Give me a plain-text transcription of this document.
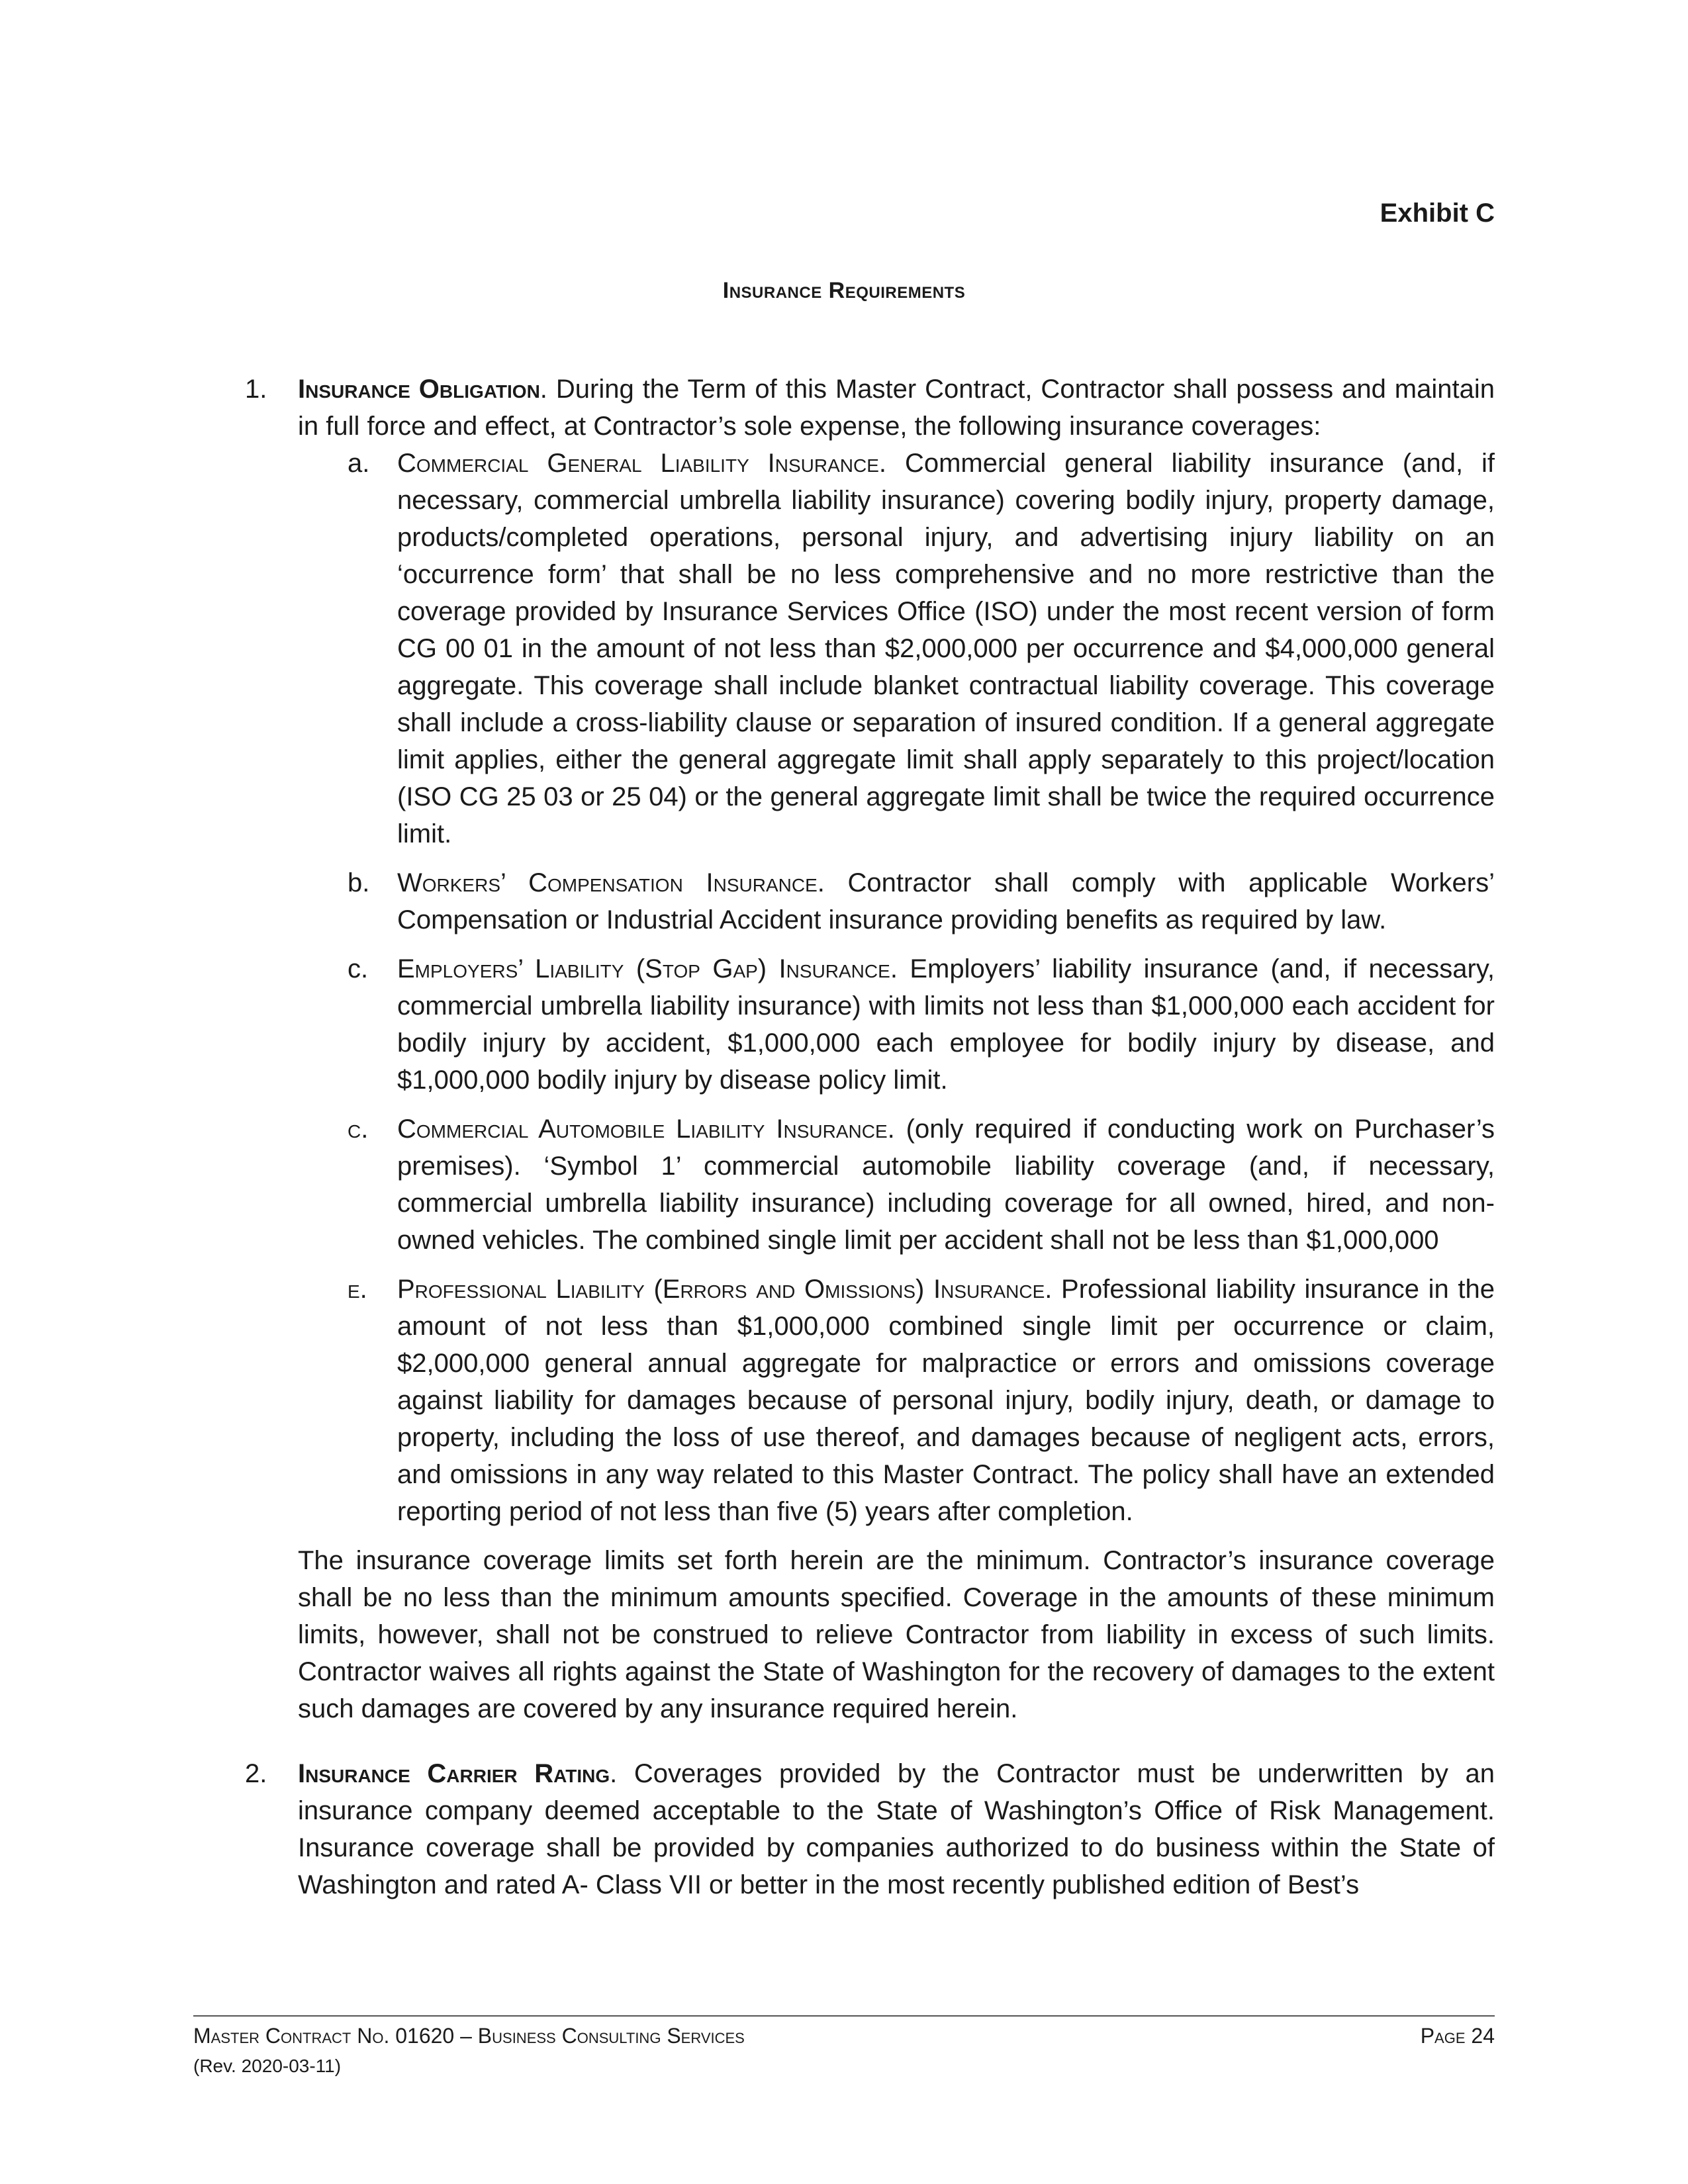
Exhibit C
Insurance Requirements
1. Insurance Obligation. During the Term of this Master Contract, Contractor shall possess and maintain in full force and effect, at Contractor’s sole expense, the following insurance coverages:
a. Commercial General Liability Insurance. Commercial general liability insurance (and, if necessary, commercial umbrella liability insurance) covering bodily injury, property damage, products/completed operations, personal injury, and advertising injury liability on an ‘occurrence form’ that shall be no less comprehensive and no more restrictive than the coverage provided by Insurance Services Office (ISO) under the most recent version of form CG 00 01 in the amount of not less than $2,000,000 per occurrence and $4,000,000 general aggregate. This coverage shall include blanket contractual liability coverage. This coverage shall include a cross-liability clause or separation of insured condition. If a general aggregate limit applies, either the general aggregate limit shall apply separately to this project/location (ISO CG 25 03 or 25 04) or the general aggregate limit shall be twice the required occurrence limit.
b. Workers’ Compensation Insurance. Contractor shall comply with applicable Workers’ Compensation or Industrial Accident insurance providing benefits as required by law.
c. Employers’ Liability (Stop Gap) Insurance. Employers’ liability insurance (and, if necessary, commercial umbrella liability insurance) with limits not less than $1,000,000 each accident for bodily injury by accident, $1,000,000 each employee for bodily injury by disease, and $1,000,000 bodily injury by disease policy limit.
c. Commercial Automobile Liability Insurance. (only required if conducting work on Purchaser’s premises). ‘Symbol 1’ commercial automobile liability coverage (and, if necessary, commercial umbrella liability insurance) including coverage for all owned, hired, and non-owned vehicles. The combined single limit per accident shall not be less than $1,000,000
e. Professional Liability (Errors and Omissions) Insurance. Professional liability insurance in the amount of not less than $1,000,000 combined single limit per occurrence or claim, $2,000,000 general annual aggregate for malpractice or errors and omissions coverage against liability for damages because of personal injury, bodily injury, death, or damage to property, including the loss of use thereof, and damages because of negligent acts, errors, and omissions in any way related to this Master Contract. The policy shall have an extended reporting period of not less than five (5) years after completion.
The insurance coverage limits set forth herein are the minimum. Contractor’s insurance coverage shall be no less than the minimum amounts specified. Coverage in the amounts of these minimum limits, however, shall not be construed to relieve Contractor from liability in excess of such limits. Contractor waives all rights against the State of Washington for the recovery of damages to the extent such damages are covered by any insurance required herein.
2. Insurance Carrier Rating. Coverages provided by the Contractor must be underwritten by an insurance company deemed acceptable to the State of Washington’s Office of Risk Management. Insurance coverage shall be provided by companies authorized to do business within the State of Washington and rated A- Class VII or better in the most recently published edition of Best’s
Master Contract No. 01620 – Business Consulting Services	Page 24
(Rev. 2020-03-11)
